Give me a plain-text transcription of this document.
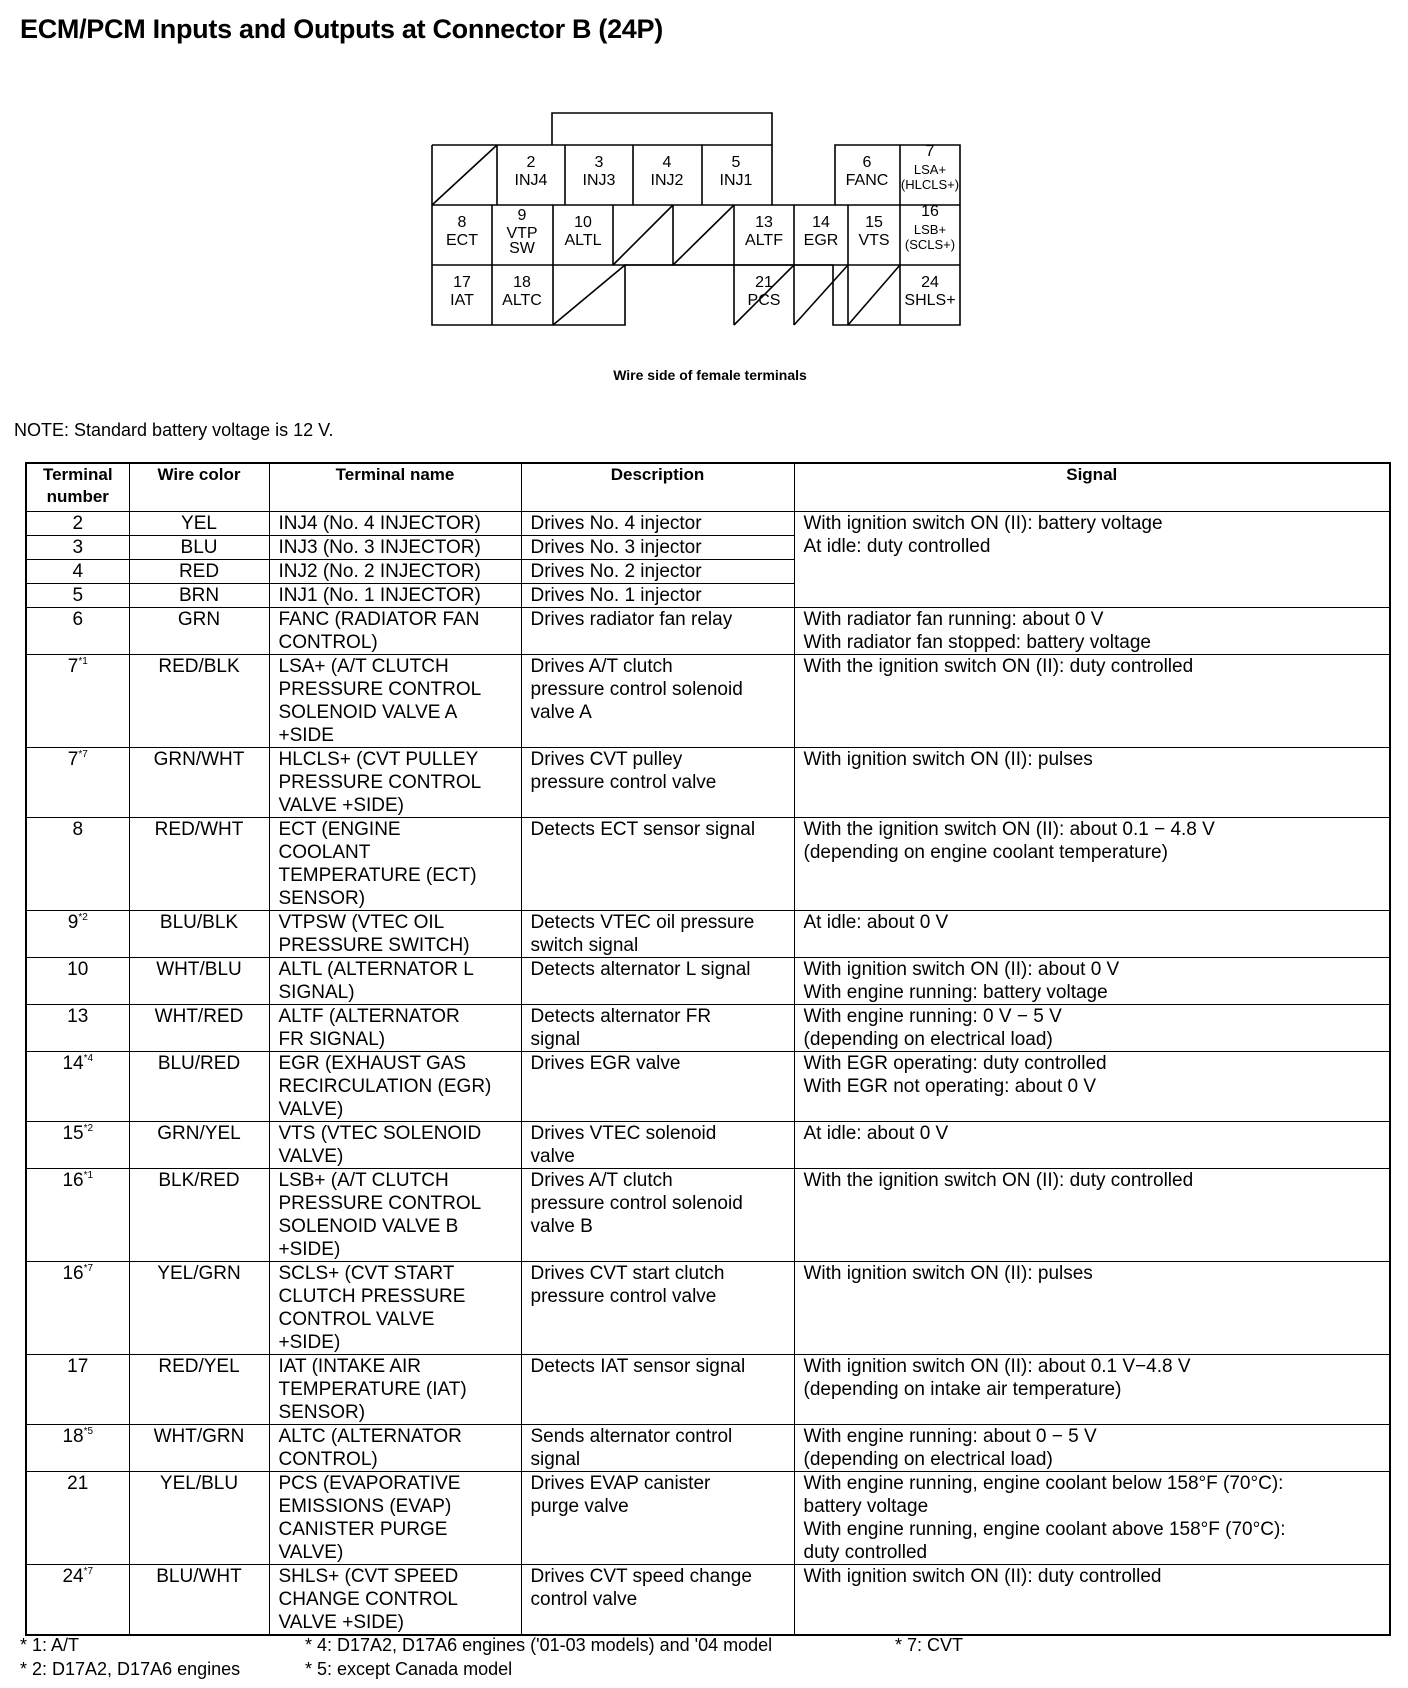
ECM/PCM Inputs and Outputs at Connector B (24P)
2
INJ4
3
INJ3
4
INJ2
5
INJ1
6
FANC
7
LSA+
(HLCLS+)
8
ECT
9
VTP
SW
10
ALTL
13
ALTF
14
EGR
15
VTS
16
LSB+
(SCLS+)
17
IAT
18
ALTC
21
PCS
24
SHLS+
Wire side of female terminals
NOTE: Standard battery voltage is 12 V.
Terminal number	Wire color	Terminal name	Description	Signal
2	YEL	INJ4 (No. 4 INJECTOR)	Drives No. 4 injector	With ignition switch ON (II): battery voltage
At idle: duty controlled
3	BLU	INJ3 (No. 3 INJECTOR)	Drives No. 3 injector	
4	RED	INJ2 (No. 2 INJECTOR)	Drives No. 2 injector	
5	BRN	INJ1 (No. 1 INJECTOR)	Drives No. 1 injector	
6	GRN	FANC (RADIATOR FAN
CONTROL)	Drives radiator fan relay	With radiator fan running: about 0 V
With radiator fan stopped: battery voltage
7$^{*1}$	RED/BLK	LSA+ (A/T CLUTCH
PRESSURE CONTROL
SOLENOID VALVE A
+SIDE	Drives A/T clutch
pressure control solenoid
valve A	With the ignition switch ON (II): duty controlled
7$^{*7}$	GRN/WHT	HLCLS+ (CVT PULLEY
PRESSURE CONTROL
VALVE +SIDE)	Drives CVT pulley
pressure control valve	With ignition switch ON (II): pulses
8	RED/WHT	ECT (ENGINE
COOLANT
TEMPERATURE (ECT)
SENSOR)	Detects ECT sensor signal	With the ignition switch ON (II): about 0.1 − 4.8 V
(depending on engine coolant temperature)
9$^{*2}$	BLU/BLK	VTPSW (VTEC OIL
PRESSURE SWITCH)	Detects VTEC oil pressure
switch signal	At idle: about 0 V
10	WHT/BLU	ALTL (ALTERNATOR L
SIGNAL)	Detects alternator L signal	With ignition switch ON (II): about 0 V
With engine running: battery voltage
13	WHT/RED	ALTF (ALTERNATOR
FR SIGNAL)	Detects alternator FR
signal	With engine running: 0 V − 5 V
(depending on electrical load)
14$^{*4}$	BLU/RED	EGR (EXHAUST GAS
RECIRCULATION (EGR)
VALVE)	Drives EGR valve	With EGR operating: duty controlled
With EGR not operating: about 0 V
15$^{*2}$	GRN/YEL	VTS (VTEC SOLENOID
VALVE)	Drives VTEC solenoid
valve	At idle: about 0 V
16$^{*1}$	BLK/RED	LSB+ (A/T CLUTCH
PRESSURE CONTROL
SOLENOID VALVE B
+SIDE)	Drives A/T clutch
pressure control solenoid
valve B	With the ignition switch ON (II): duty controlled
16$^{*7}$	YEL/GRN	SCLS+ (CVT START
CLUTCH PRESSURE
CONTROL VALVE
+SIDE)	Drives CVT start clutch
pressure control valve	With ignition switch ON (II): pulses
17	RED/YEL	IAT (INTAKE AIR
TEMPERATURE (IAT)
SENSOR)	Detects IAT sensor signal	With ignition switch ON (II): about 0.1 V−4.8 V
(depending on intake air temperature)
18$^{*5}$	WHT/GRN	ALTC (ALTERNATOR
CONTROL)	Sends alternator control
signal	With engine running: about 0 − 5 V
(depending on electrical load)
21	YEL/BLU	PCS (EVAPORATIVE
EMISSIONS (EVAP)
CANISTER PURGE
VALVE)	Drives EVAP canister
purge valve	With engine running, engine coolant below 158°F (70°C):
battery voltage
With engine running, engine coolant above 158°F (70°C):
duty controlled
24$^{*7}$	BLU/WHT	SHLS+ (CVT SPEED
CHANGE CONTROL
VALVE +SIDE)	Drives CVT speed change
control valve	With ignition switch ON (II): duty controlled
* 1: A/T	* 4: D17A2, D17A6 engines ('01-03 models) and '04 model	* 7: CVT
* 2: D17A2, D17A6 engines	* 5: except Canada model
